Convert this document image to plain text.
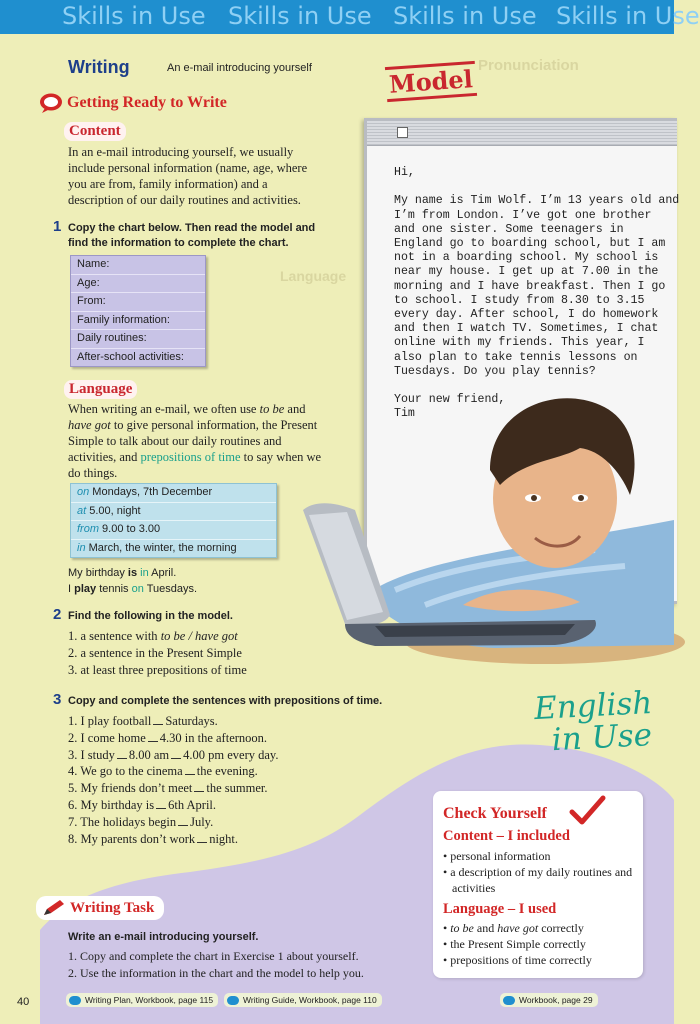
Skills in Use Skills in Use Skills in Use Skills in Use
Pronunciation
Language
Writing	An e-mail introducing yourself
Getting Ready to Write
Content
In an e-mail introducing yourself, we usually include personal information (name, age, where you are from, family information) and a description of our daily routines and activities.
1 Copy the chart below. Then read the model and find the information to complete the chart.
Name:
Age:
From:
Family information:
Daily routines:
After-school activities:
Language
When writing an e-mail, we often use to be and have got to give personal information, the Present Simple to talk about our daily routines and activities, and prepositions of time to say when we do things.
on Mondays, 7th December
at 5.00, night
from 9.00 to 3.00
in March, the winter, the morning
My birthday is in April.
I play tennis on Tuesdays.
2 Find the following in the model.
1. a sentence with to be / have got
2. a sentence in the Present Simple
3. at least three prepositions of time
3 Copy and complete the sentences with prepositions of time.
1. I play football Saturdays.
2. I come home 4.30 in the afternoon.
3. I study 8.00 am 4.00 pm every day.
4. We go to the cinema the evening.
5. My friends don’t meet the summer.
6. My birthday is 6th April.
7. The holidays begin July.
8. My parents don’t work night.
Model
Hi,
My name is Tim Wolf. I’m 13 years old and
I’m from London. I’ve got one brother
and one sister. Some teenagers in
England go to boarding school, but I am
not in a boarding school. My school is
near my house. I get up at 7.00 in the
morning and I have breakfast. Then I go
to school. I study from 8.30 to 3.15
every day. After school, I do homework
and then I watch TV. Sometimes, I chat
online with my friends. This year, I
also plan to take tennis lessons on
Tuesdays. Do you play tennis?
Your new friend,
Tim
English
in Use
Check Yourself
Content – I included
• personal information
• a description of my daily routines and activities
Language – I used
• to be and have got correctly
• the Present Simple correctly
• prepositions of time correctly
Writing Task
Write an e-mail introducing yourself.
1. Copy and complete the chart in Exercise 1 about yourself.
2. Use the information in the chart and the model to help you.
40	Writing Plan, Workbook, page 115	Writing Guide, Workbook, page 110	Workbook, page 29
